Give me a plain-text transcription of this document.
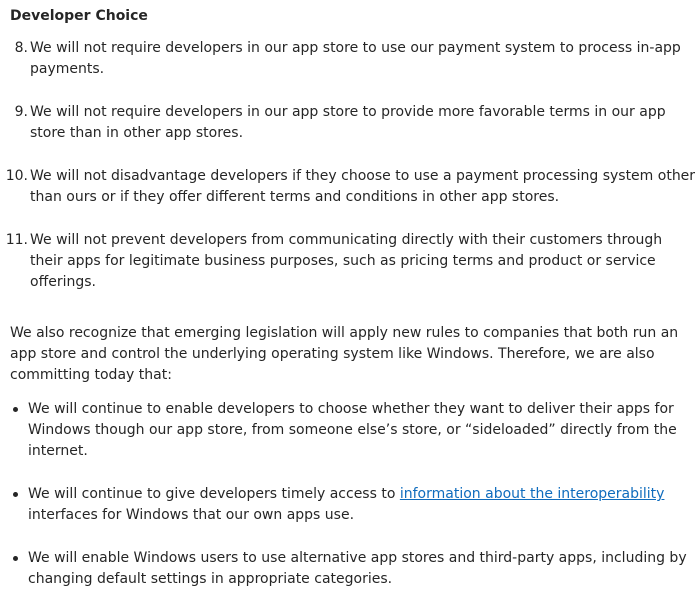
Developer Choice
8. We will not require developers in our app store to use our payment system to process in-app payments.
9. We will not require developers in our app store to provide more favorable terms in our app store than in other app stores.
10. We will not disadvantage developers if they choose to use a payment processing system other than ours or if they offer different terms and conditions in other app stores.
11. We will not prevent developers from communicating directly with their customers through their apps for legitimate business purposes, such as pricing terms and product or service offerings.
We also recognize that emerging legislation will apply new rules to companies that both run an app store and control the underlying operating system like Windows. Therefore, we are also committing today that:
We will continue to enable developers to choose whether they want to deliver their apps for Windows though our app store, from someone else’s store, or “sideloaded” directly from the internet.
We will continue to give developers timely access to information about the interoperability interfaces for Windows that our own apps use.
We will enable Windows users to use alternative app stores and third-party apps, including by changing default settings in appropriate categories.
